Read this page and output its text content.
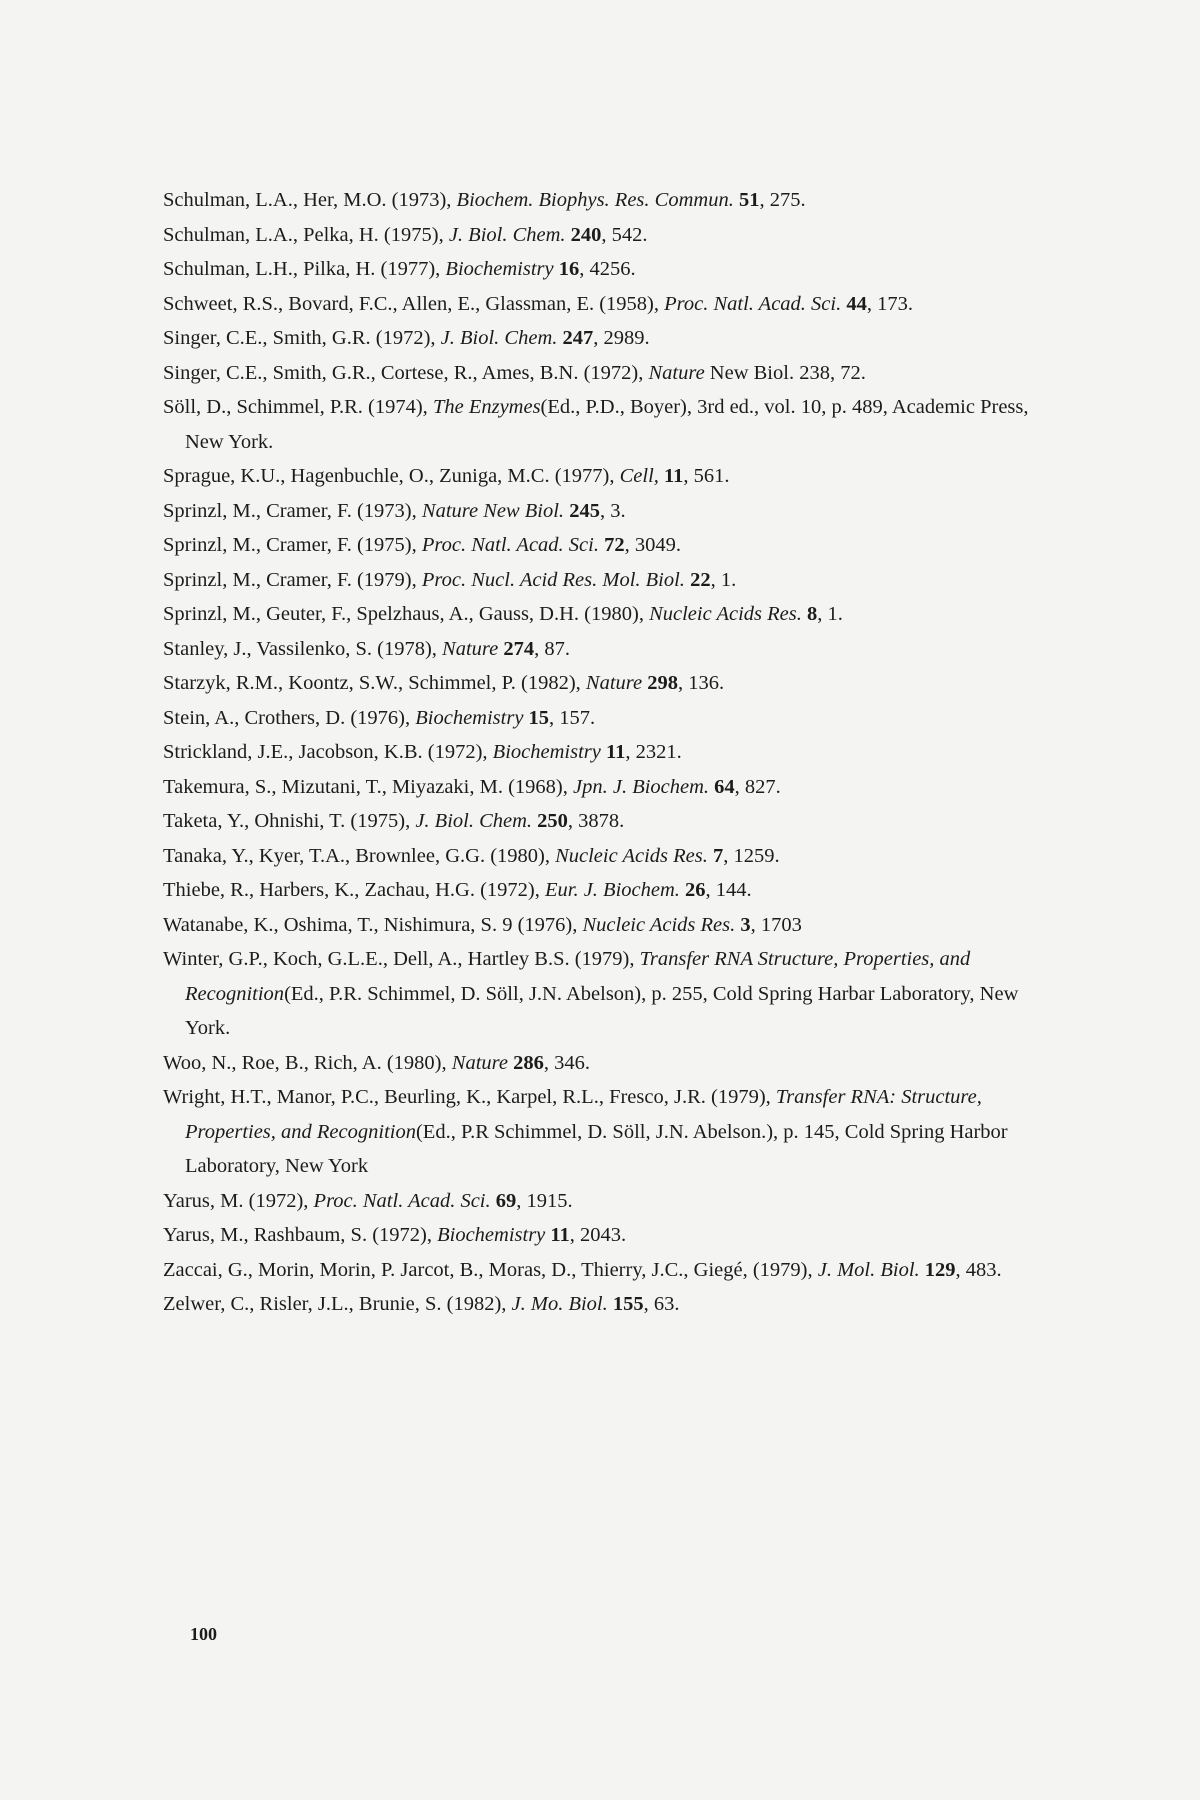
Schulman, L.A., Her, M.O. (1973), Biochem. Biophys. Res. Commun. 51, 275.
Schulman, L.A., Pelka, H. (1975), J. Biol. Chem. 240, 542.
Schulman, L.H., Pilka, H. (1977), Biochemistry 16, 4256.
Schweet, R.S., Bovard, F.C., Allen, E., Glassman, E. (1958), Proc. Natl. Acad. Sci. 44, 173.
Singer, C.E., Smith, G.R. (1972), J. Biol. Chem. 247, 2989.
Singer, C.E., Smith, G.R., Cortese, R., Ames, B.N. (1972), Nature New Biol. 238, 72.
Söll, D., Schimmel, P.R. (1974), The Enzymes(Ed., P.D., Boyer), 3rd ed., vol. 10, p. 489, Academic Press, New York.
Sprague, K.U., Hagenbuchle, O., Zuniga, M.C. (1977), Cell, 11, 561.
Sprinzl, M., Cramer, F. (1973), Nature New Biol. 245, 3.
Sprinzl, M., Cramer, F. (1975), Proc. Natl. Acad. Sci. 72, 3049.
Sprinzl, M., Cramer, F. (1979), Proc. Nucl. Acid Res. Mol. Biol. 22, 1.
Sprinzl, M., Geuter, F., Spelzhaus, A., Gauss, D.H. (1980), Nucleic Acids Res. 8, 1.
Stanley, J., Vassilenko, S. (1978), Nature 274, 87.
Starzyk, R.M., Koontz, S.W., Schimmel, P. (1982), Nature 298, 136.
Stein, A., Crothers, D. (1976), Biochemistry 15, 157.
Strickland, J.E., Jacobson, K.B. (1972), Biochemistry 11, 2321.
Takemura, S., Mizutani, T., Miyazaki, M. (1968), Jpn. J. Biochem. 64, 827.
Taketa, Y., Ohnishi, T. (1975), J. Biol. Chem. 250, 3878.
Tanaka, Y., Kyer, T.A., Brownlee, G.G. (1980), Nucleic Acids Res. 7, 1259.
Thiebe, R., Harbers, K., Zachau, H.G. (1972), Eur. J. Biochem. 26, 144.
Watanabe, K., Oshima, T., Nishimura, S. 9 (1976), Nucleic Acids Res. 3, 1703
Winter, G.P., Koch, G.L.E., Dell, A., Hartley B.S. (1979), Transfer RNA Structure, Properties, and Recognition(Ed., P.R. Schimmel, D. Söll, J.N. Abelson), p. 255, Cold Spring Harbar Laboratory, New York.
Woo, N., Roe, B., Rich, A. (1980), Nature 286, 346.
Wright, H.T., Manor, P.C., Beurling, K., Karpel, R.L., Fresco, J.R. (1979), Transfer RNA: Structure, Properties, and Recognition(Ed., P.R Schimmel, D. Söll, J.N. Abelson.), p. 145, Cold Spring Harbor Laboratory, New York
Yarus, M. (1972), Proc. Natl. Acad. Sci. 69, 1915.
Yarus, M., Rashbaum, S. (1972), Biochemistry 11, 2043.
Zaccai, G., Morin, Morin, P. Jarcot, B., Moras, D., Thierry, J.C., Giegé, (1979), J. Mol. Biol. 129, 483.
Zelwer, C., Risler, J.L., Brunie, S. (1982), J. Mo. Biol. 155, 63.
100
